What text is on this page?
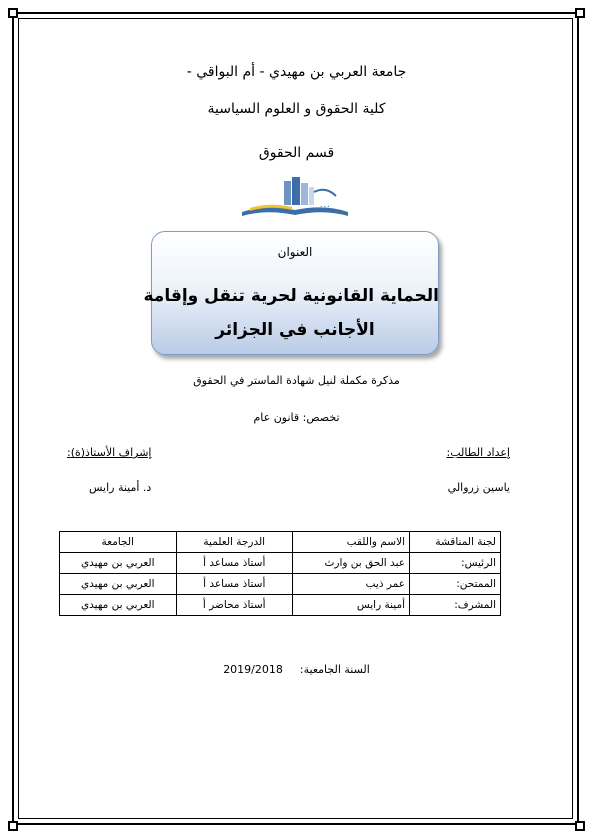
جامعة العربي بن مهيدي - أم البواقي -
كلية الحقوق و العلوم السياسية
قسم الحقوق
• • •
العنوان
الحماية القانونية لحرية تنقل وإقامة
الأجانب في الجزائر
مذكرة مكملة لنيل شهادة الماستر في الحقوق
تخصص: قانون عام
إعداد الطالب:
ياسين زروالي
إشراف الأستاذ(ة):
د. أمينة رايس
لجنة المناقشة	الاسم واللقب	الدرجة العلمية	الجامعة
الرئيس:	عبد الحق بن وارث	أستاذ مساعد أ	العربي بن مهيدي
الممتحن:	عمر ذيب	أستاذ مساعد أ	العربي بن مهيدي
المشرف:	أمينة رايس	أستاذ محاضر أ	العربي بن مهيدي
السنة الجامعية:  2019/2018
